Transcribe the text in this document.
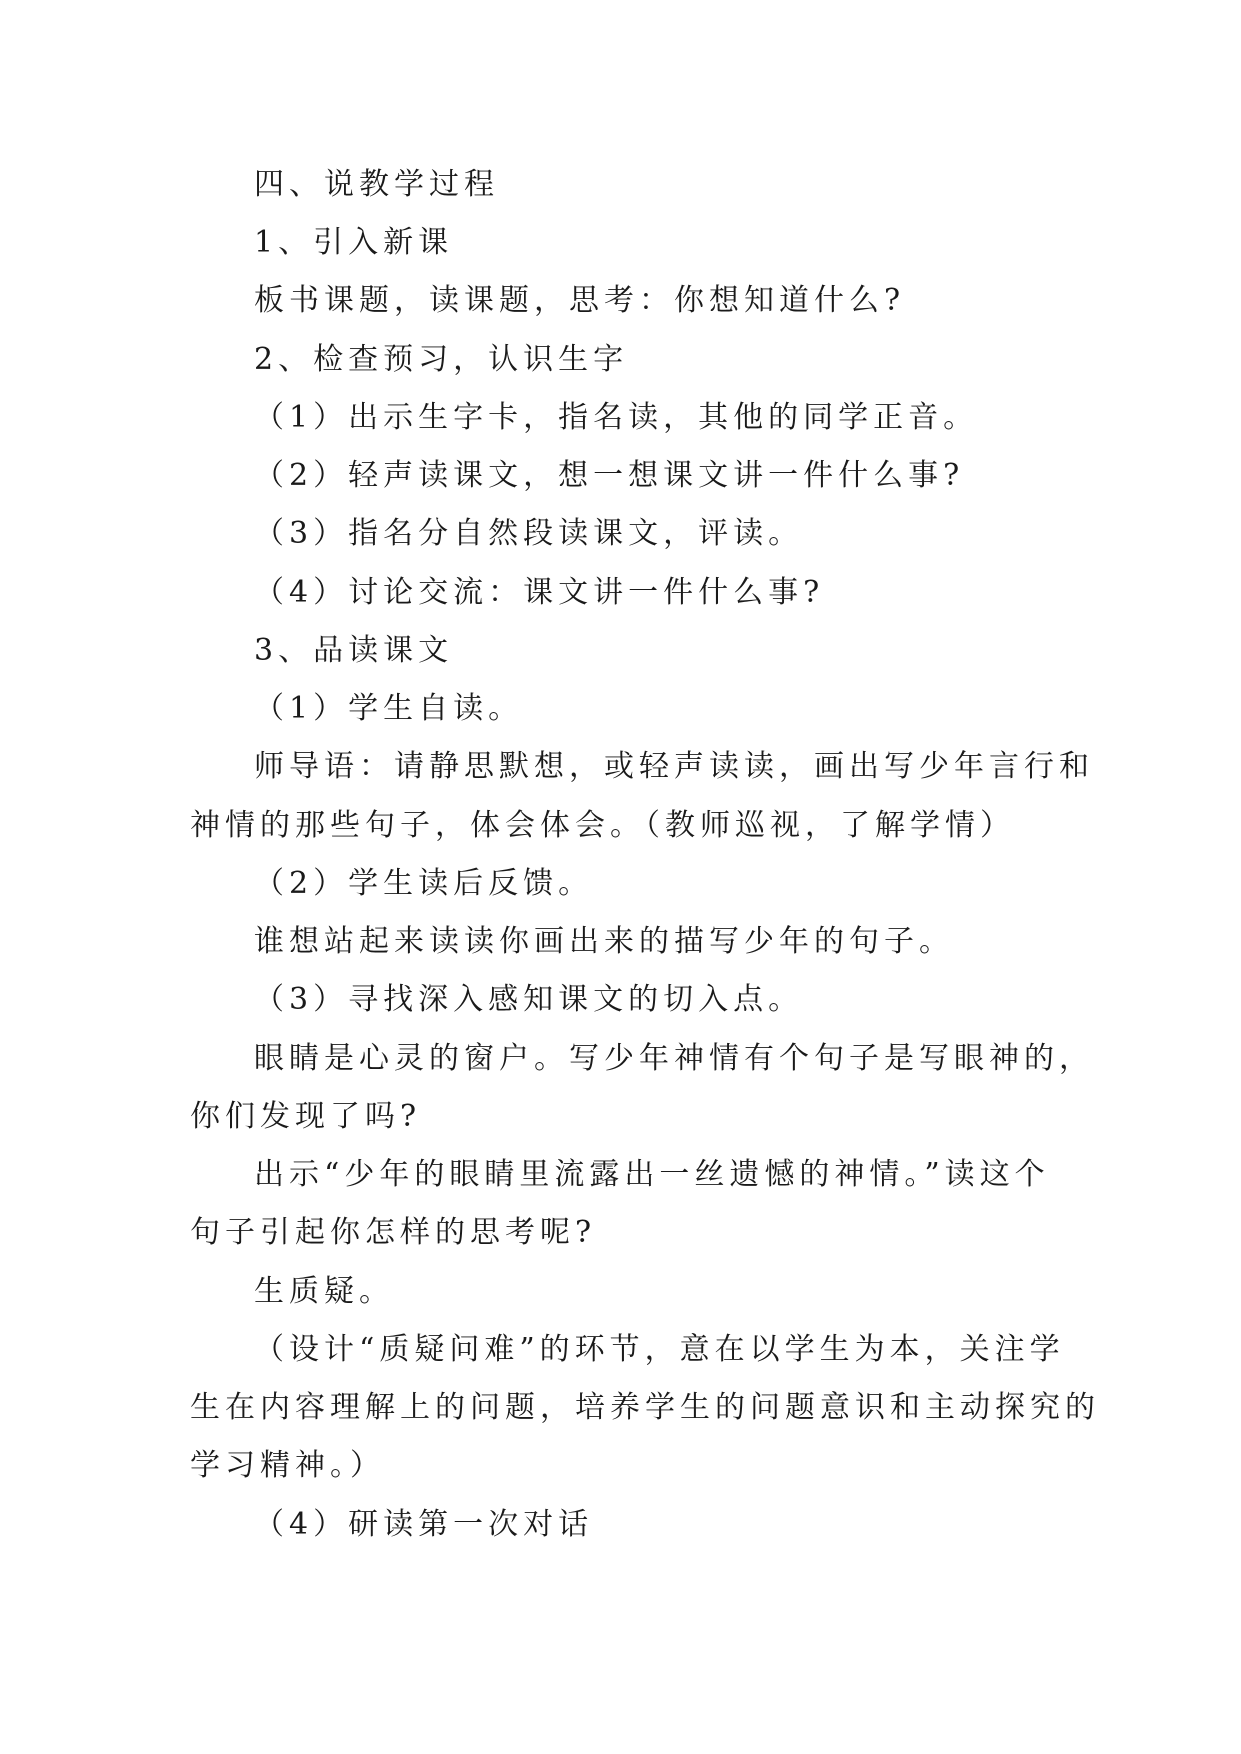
四、说教学过程
1、引入新课
板书课题，读课题，思考：你想知道什么?
2、检查预习，认识生字
（1）出示生字卡，指名读，其他的同学正音。
（2）轻声读课文，想一想课文讲一件什么事?
（3）指名分自然段读课文，评读。
（4）讨论交流：课文讲一件什么事?
3、品读课文
（1）学生自读。
师导语：请静思默想，或轻声读读，画出写少年言行和
神情的那些句子，体会体会。（教师巡视，了解学情）
（2）学生读后反馈。
谁想站起来读读你画出来的描写少年的句子。
（3）寻找深入感知课文的切入点。
眼睛是心灵的窗户。写少年神情有个句子是写眼神的，
你们发现了吗?
出示“少年的眼睛里流露出一丝遗憾的神情。”读这个
句子引起你怎样的思考呢?
生质疑。
（设计“质疑问难”的环节，意在以学生为本，关注学
生在内容理解上的问题，培养学生的问题意识和主动探究的
学习精神。）
（4）研读第一次对话
